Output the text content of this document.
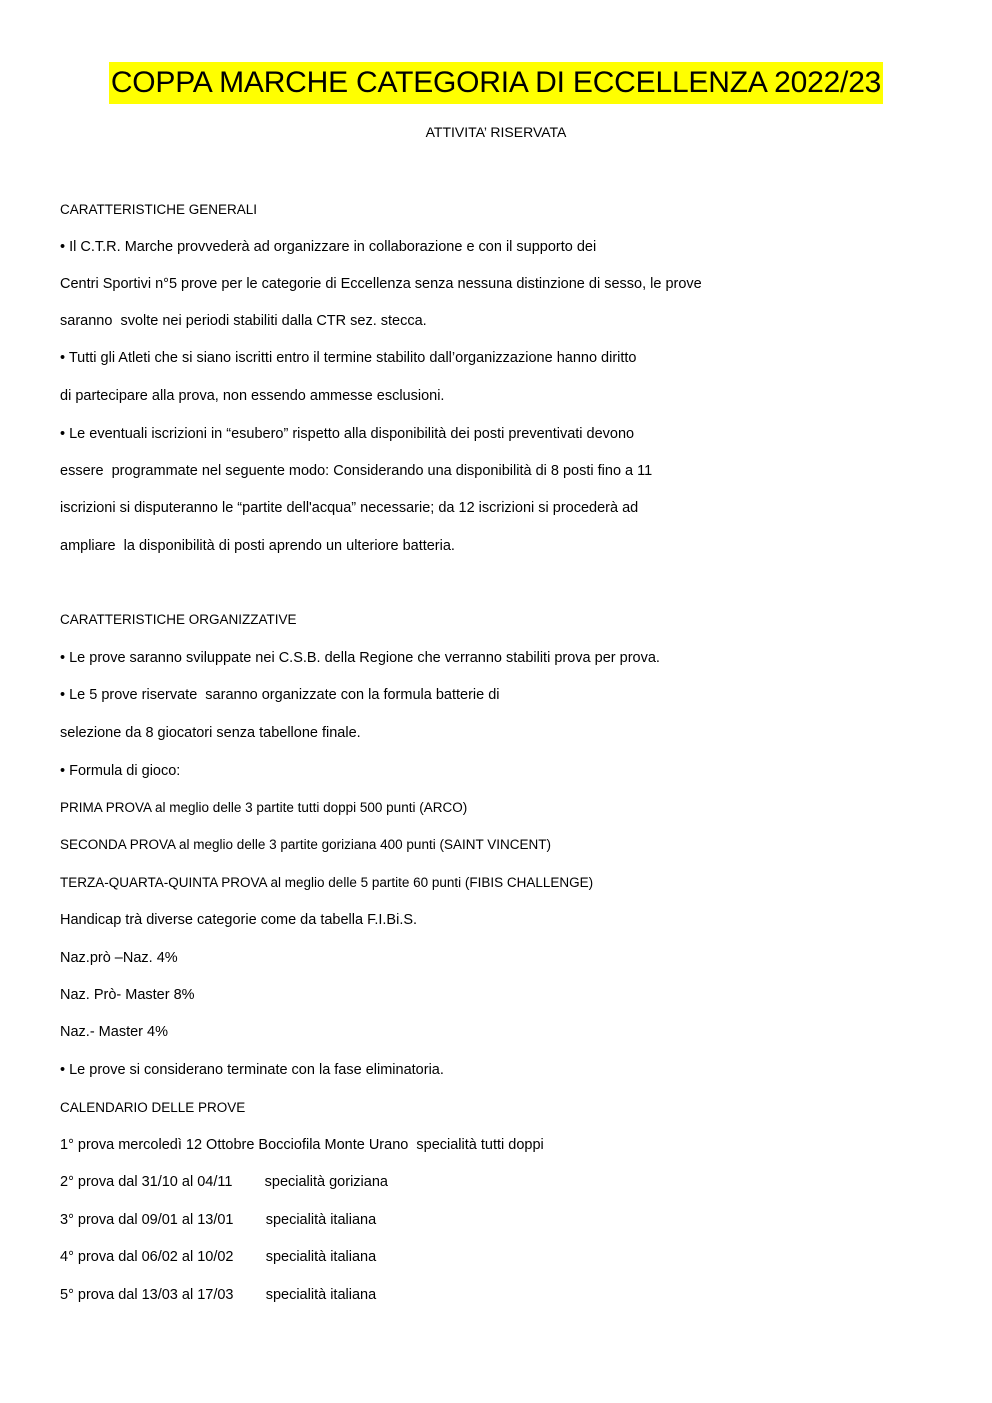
COPPA MARCHE CATEGORIA DI ECCELLENZA 2022/23
ATTIVITA’ RISERVATA
CARATTERISTICHE GENERALI
• Il C.T.R. Marche provvederà ad organizzare in collaborazione e con il supporto dei
Centri Sportivi n°5 prove per le categorie di Eccellenza senza nessuna distinzione di sesso, le prove
saranno  svolte nei periodi stabiliti dalla CTR sez. stecca.
• Tutti gli Atleti che si siano iscritti entro il termine stabilito dall’organizzazione hanno diritto
di partecipare alla prova, non essendo ammesse esclusioni.
• Le eventuali iscrizioni in “esubero” rispetto alla disponibilità dei posti preventivati devono
essere  programmate nel seguente modo: Considerando una disponibilità di 8 posti fino a 11
iscrizioni si disputeranno le “partite dell'acqua” necessarie; da 12 iscrizioni si procederà ad
ampliare  la disponibilità di posti aprendo un ulteriore batteria.
CARATTERISTICHE ORGANIZZATIVE
• Le prove saranno sviluppate nei C.S.B. della Regione che verranno stabiliti prova per prova.
• Le 5 prove riservate  saranno organizzate con la formula batterie di
selezione da 8 giocatori senza tabellone finale.
• Formula di gioco:
PRIMA PROVA al meglio delle 3 partite tutti doppi 500 punti (ARCO)
SECONDA PROVA al meglio delle 3 partite goriziana 400 punti (SAINT VINCENT)
TERZA-QUARTA-QUINTA PROVA al meglio delle 5 partite 60 punti (FIBIS CHALLENGE)
Handicap trà diverse categorie come da tabella F.I.Bi.S.
Naz.prò –Naz. 4%
Naz. Prò- Master 8%
Naz.- Master 4%
• Le prove si considerano terminate con la fase eliminatoria.
CALENDARIO DELLE PROVE
1° prova mercoledì 12 Ottobre Bocciofila Monte Urano  specialità tutti doppi
2° prova dal 31/10 al 04/11        specialità goriziana
3° prova dal 09/01 al 13/01        specialità italiana
4° prova dal 06/02 al 10/02        specialità italiana
5° prova dal 13/03 al 17/03        specialità italiana
